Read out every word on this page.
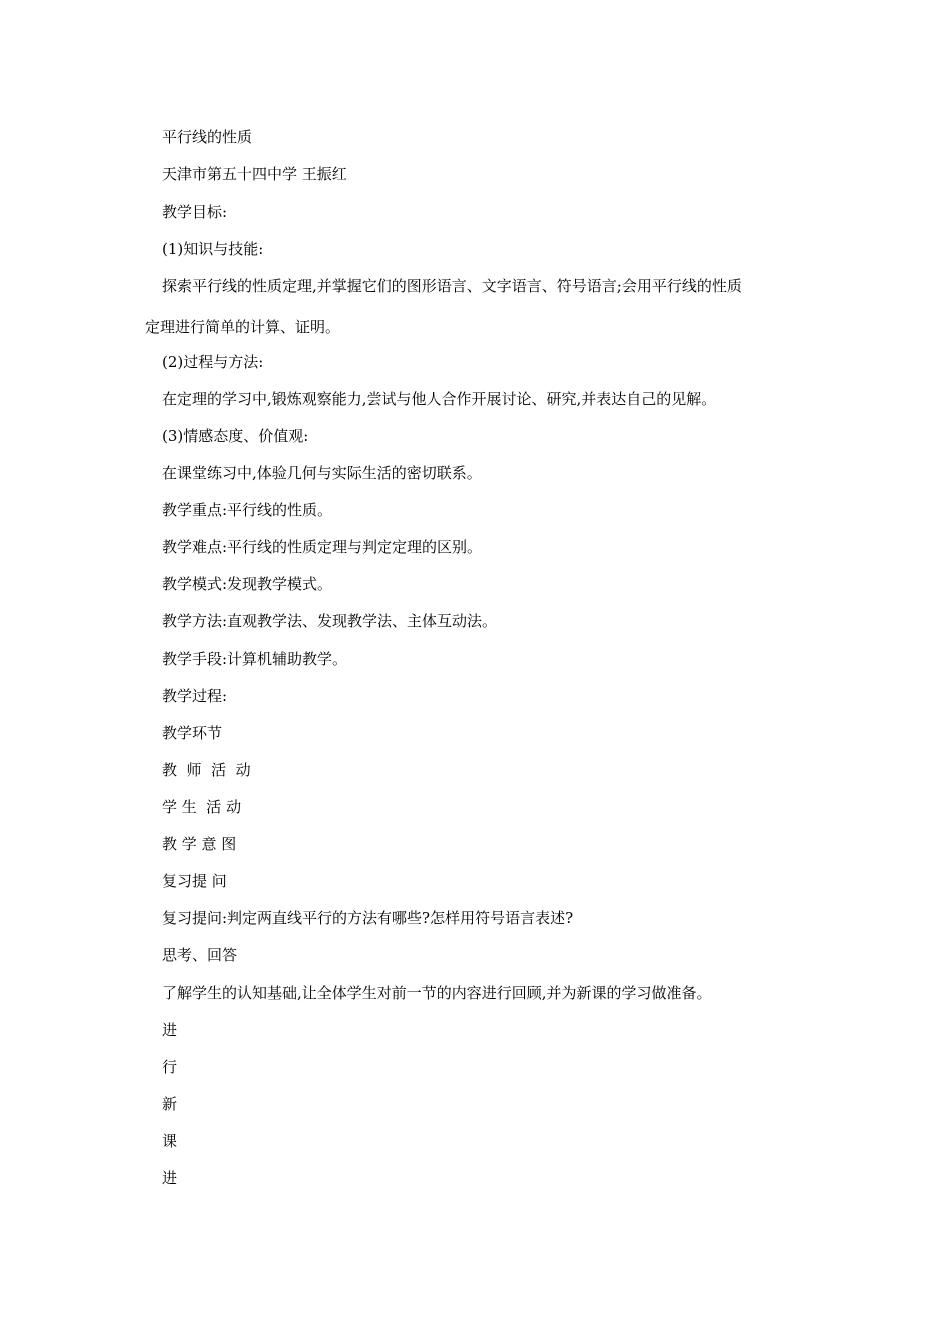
平行线的性质

天津市第五十四中学 王振红

教学目标:

(1)知识与技能:

探索平行线的性质定理,并掌握它们的图形语言、文字语言、符号语言;会用平行线的性质

定理进行简单的计算、证明。

(2)过程与方法:

在定理的学习中,锻炼观察能力,尝试与他人合作开展讨论、研究,并表达自己的见解。

(3)情感态度、价值观:

在课堂练习中,体验几何与实际生活的密切联系。

教学重点:平行线的性质。

教学难点:平行线的性质定理与判定定理的区别。

教学模式:发现教学模式。

教学方法:直观教学法、发现教学法、主体互动法。

教学手段:计算机辅助教学。

教学过程:

教学环节

教  师  活  动

学 生  活 动

教 学 意 图

复习提 问

复习提问:判定两直线平行的方法有哪些?怎样用符号语言表述?

思考、回答

了解学生的认知基础,让全体学生对前一节的内容进行回顾,并为新课的学习做准备。

进

行

新

课

进
